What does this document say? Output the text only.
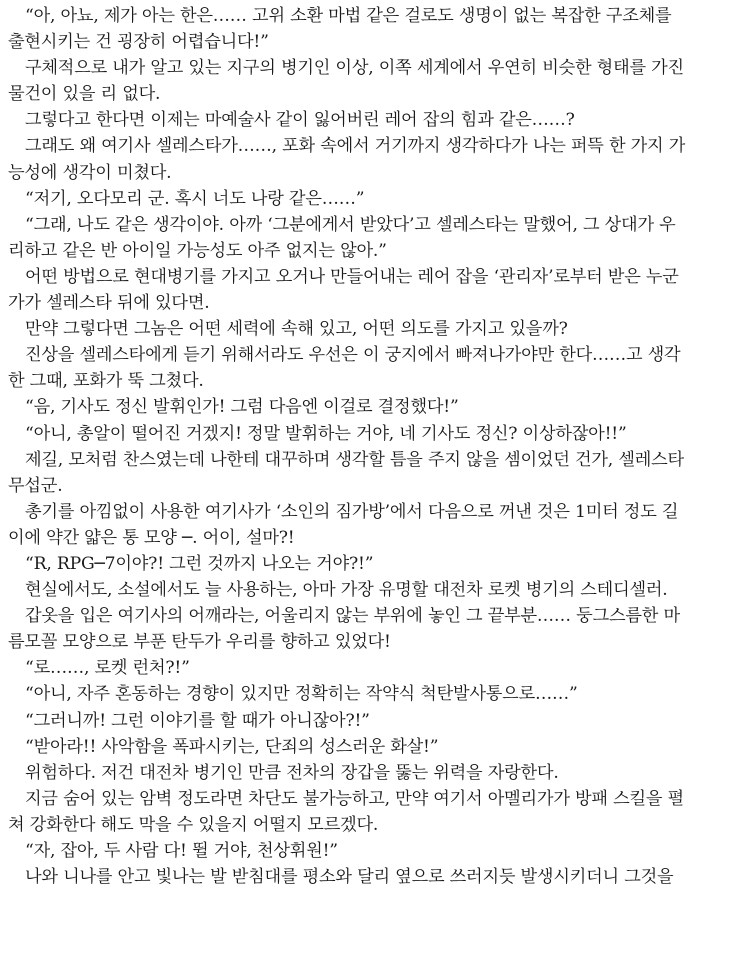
“아, 아뇨, 제가 아는 한은…… 고위 소환 마법 같은 걸로도 생명이 없는 복잡한 구조체를
출현시키는 건 굉장히 어렵습니다!”
구체적으로 내가 알고 있는 지구의 병기인 이상, 이쪽 세계에서 우연히 비슷한 형태를 가진
물건이 있을 리 없다.
그렇다고 한다면 이제는 마예술사 같이 잃어버린 레어 잡의 힘과 같은……?
그래도 왜 여기사 셀레스타가……, 포화 속에서 거기까지 생각하다가 나는 퍼뜩 한 가지 가
능성에 생각이 미쳤다.
“저기, 오다모리 군. 혹시 너도 나랑 같은……”
“그래, 나도 같은 생각이야. 아까 ‘그분에게서 받았다’고 셀레스타는 말했어, 그 상대가 우
리하고 같은 반 아이일 가능성도 아주 없지는 않아.”
어떤 방법으로 현대병기를 가지고 오거나 만들어내는 레어 잡을 ‘관리자’로부터 받은 누군
가가 셀레스타 뒤에 있다면.
만약 그렇다면 그놈은 어떤 세력에 속해 있고, 어떤 의도를 가지고 있을까?
진상을 셀레스타에게 듣기 위해서라도 우선은 이 궁지에서 빠져나가야만 한다……고 생각
한 그때, 포화가 뚝 그쳤다.
“음, 기사도 정신 발휘인가! 그럼 다음엔 이걸로 결정했다!”
“아니, 총알이 떨어진 거겠지! 정말 발휘하는 거야, 네 기사도 정신? 이상하잖아!!”
제길, 모처럼 찬스였는데 나한테 대꾸하며 생각할 틈을 주지 않을 셈이었던 건가, 셀레스타
무섭군.
총기를 아낌없이 사용한 여기사가 ‘소인의 짐가방’에서 다음으로 꺼낸 것은 1미터 정도 길
이에 약간 얇은 통 모양 ─. 어이, 설마?!
“R, RPG─7이야?! 그런 것까지 나오는 거야?!”
현실에서도, 소설에서도 늘 사용하는, 아마 가장 유명할 대전차 로켓 병기의 스테디셀러.
갑옷을 입은 여기사의 어깨라는, 어울리지 않는 부위에 놓인 그 끝부분…… 둥그스름한 마
름모꼴 모양으로 부푼 탄두가 우리를 향하고 있었다!
“로……, 로켓 런처?!”
“아니, 자주 혼동하는 경향이 있지만 정확히는 작약식 척탄발사통으로……”
“그러니까! 그런 이야기를 할 때가 아니잖아?!”
“받아라!! 사악함을 폭파시키는, 단죄의 성스러운 화살!”
위험하다. 저건 대전차 병기인 만큼 전차의 장갑을 뚫는 위력을 자랑한다.
지금 숨어 있는 암벽 정도라면 차단도 불가능하고, 만약 여기서 아멜리가가 방패 스킬을 펼
쳐 강화한다 해도 막을 수 있을지 어떨지 모르겠다.
“자, 잡아, 두 사람 다! 뛸 거야, 천상휘원!”
나와 니나를 안고 빛나는 발 받침대를 평소와 달리 옆으로 쓰러지듯 발생시키더니 그것을
